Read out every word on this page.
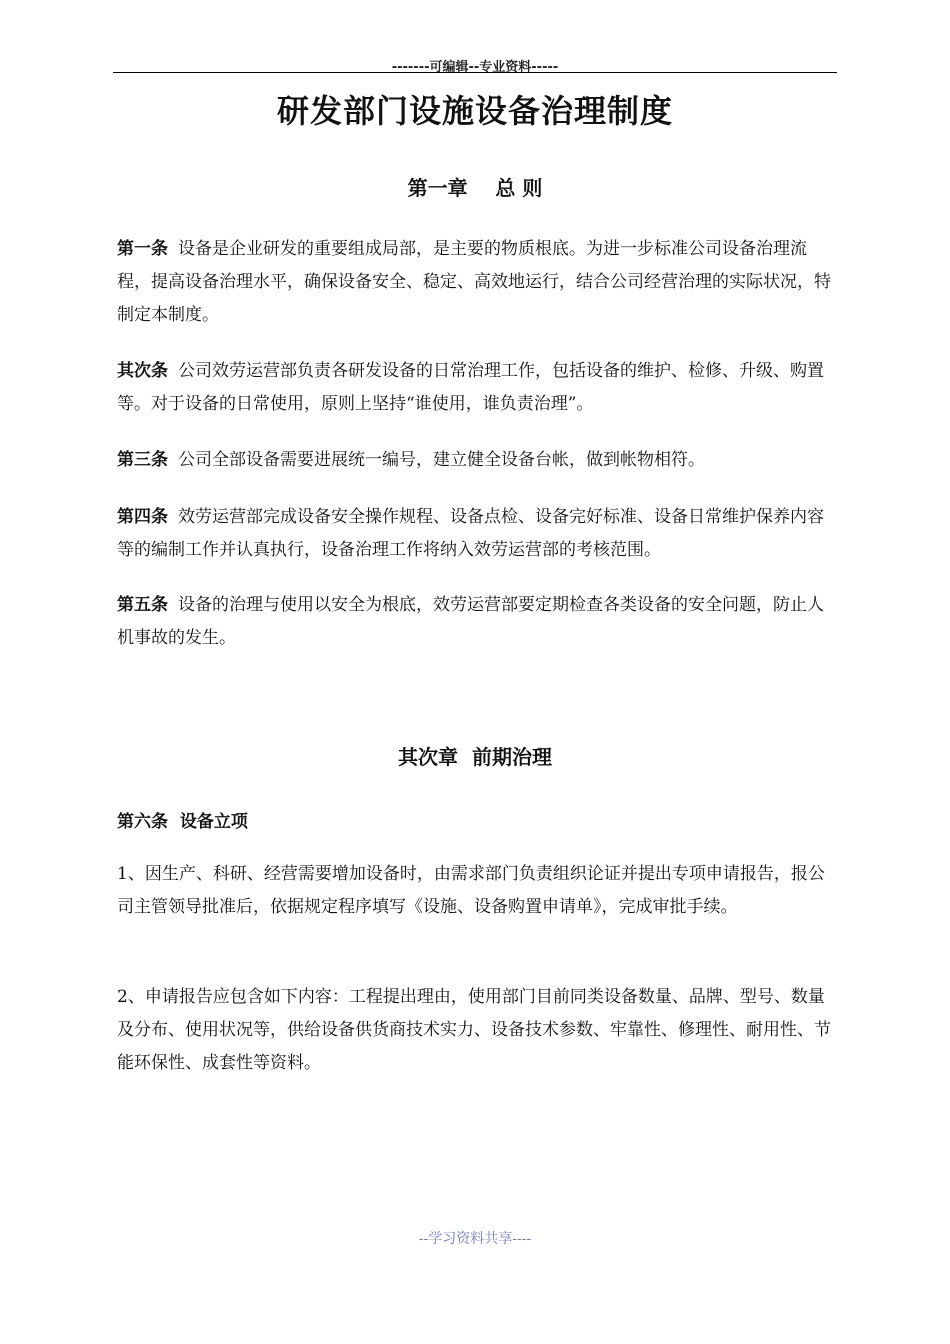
-------可编辑--专业资料-----
研发部门设施设备治理制度
第一章    总 则

第一条 设备是企业研发的重要组成局部，是主要的物质根底。为进一步标准公司设备治理流程，提高设备治理水平，确保设备安全、稳定、高效地运行，结合公司经营治理的实际状况，特制定本制度。

其次条 公司效劳运营部负责各研发设备的日常治理工作，包括设备的维护、检修、升级、购置等。对于设备的日常使用，原则上坚持“谁使用，谁负责治理”。

第三条 公司全部设备需要进展统一编号，建立健全设备台帐，做到帐物相符。

第四条 效劳运营部完成设备安全操作规程、设备点检、设备完好标准、设备日常维护保养内容等的编制工作并认真执行，设备治理工作将纳入效劳运营部的考核范围。

第五条 设备的治理与使用以安全为根底，效劳运营部要定期检查各类设备的安全问题，防止人机事故的发生。

其次章  前期治理
第六条  设备立项

1、因生产、科研、经营需要增加设备时，由需求部门负责组织论证并提出专项申请报告，报公司主管领导批准后，依据规定程序填写《设施、设备购置申请单》，完成审批手续。

2、申请报告应包含如下内容：工程提出理由，使用部门目前同类设备数量、品牌、型号、数量及分布、使用状况等，供给设备供货商技术实力、设备技术参数、牢靠性、修理性、耐用性、节能环保性、成套性等资料。

--学习资料共享----
